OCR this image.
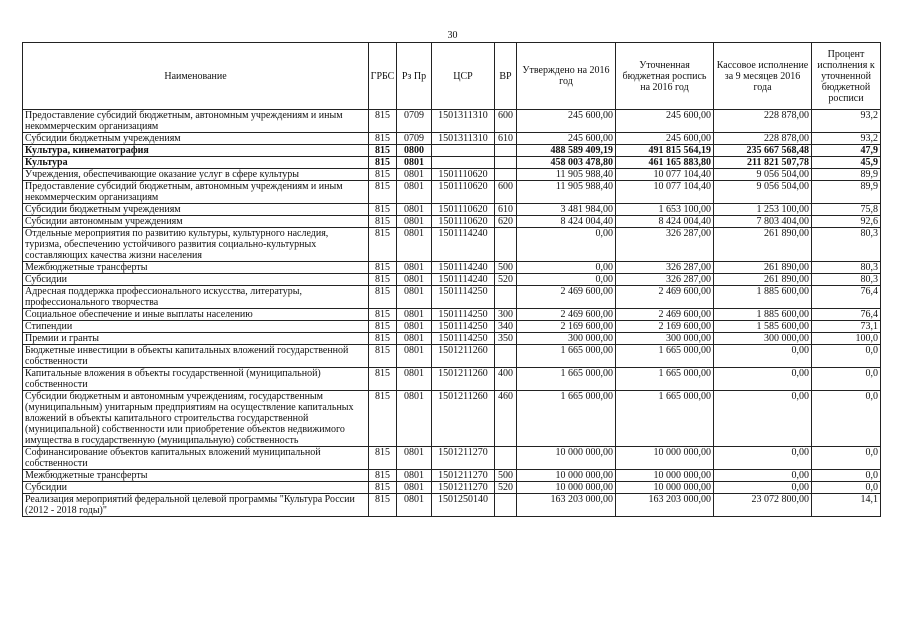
30
Наименование	ГРБС	Рз Пр	ЦСР	ВР	Утверждено на 2016 год	Уточненная бюджетная роспись на 2016 год	Кассовое исполнение за 9 месяцев 2016 года	Процент исполнения к уточненной бюджетной росписи
Предоставление субсидий бюджетным, автономным учреждениям и иным некоммерческим организациям	815	0709	1501311310	600	245 600,00	245 600,00	228 878,00	93,2
Субсидии бюджетным учреждениям	815	0709	1501311310	610	245 600,00	245 600,00	228 878,00	93,2
Культура, кинематография	815	0800			488 589 409,19	491 815 564,19	235 667 568,48	47,9
Культура	815	0801			458 003 478,80	461 165 883,80	211 821 507,78	45,9
Учреждения, обеспечивающие оказание услуг в сфере культуры	815	0801	1501110620		11 905 988,40	10 077 104,40	9 056 504,00	89,9
Предоставление субсидий бюджетным, автономным учреждениям и иным некоммерческим организациям	815	0801	1501110620	600	11 905 988,40	10 077 104,40	9 056 504,00	89,9
Субсидии бюджетным учреждениям	815	0801	1501110620	610	3 481 984,00	1 653 100,00	1 253 100,00	75,8
Субсидии автономным учреждениям	815	0801	1501110620	620	8 424 004,40	8 424 004,40	7 803 404,00	92,6
Отдельные мероприятия по развитию культуры, культурного наследия, туризма, обеспечению устойчивого развития социально-культурных составляющих качества жизни населения	815	0801	1501114240		0,00	326 287,00	261 890,00	80,3
Межбюджетные трансферты	815	0801	1501114240	500	0,00	326 287,00	261 890,00	80,3
Субсидии	815	0801	1501114240	520	0,00	326 287,00	261 890,00	80,3
Адресная поддержка профессионального искусства, литературы, профессионального творчества	815	0801	1501114250		2 469 600,00	2 469 600,00	1 885 600,00	76,4
Социальное обеспечение и иные выплаты населению	815	0801	1501114250	300	2 469 600,00	2 469 600,00	1 885 600,00	76,4
Стипендии	815	0801	1501114250	340	2 169 600,00	2 169 600,00	1 585 600,00	73,1
Премии и гранты	815	0801	1501114250	350	300 000,00	300 000,00	300 000,00	100,0
Бюджетные инвестиции в объекты капитальных вложений государственной собственности	815	0801	1501211260		1 665 000,00	1 665 000,00	0,00	0,0
Капитальные вложения в объекты государственной (муниципальной) собственности	815	0801	1501211260	400	1 665 000,00	1 665 000,00	0,00	0,0
Субсидии бюджетным и автономным учреждениям, государственным (муниципальным) унитарным предприятиям на осуществление капитальных вложений в объекты капитального строительства государственной (муниципальной) собственности или приобретение объектов недвижимого имущества в государственную (муниципальную) собственность	815	0801	1501211260	460	1 665 000,00	1 665 000,00	0,00	0,0
Софинансирование объектов капитальных вложений муниципальной собственности	815	0801	1501211270		10 000 000,00	10 000 000,00	0,00	0,0
Межбюджетные трансферты	815	0801	1501211270	500	10 000 000,00	10 000 000,00	0,00	0,0
Субсидии	815	0801	1501211270	520	10 000 000,00	10 000 000,00	0,00	0,0
Реализация мероприятий федеральной целевой программы "Культура России (2012 - 2018 годы)"	815	0801	1501250140		163 203 000,00	163 203 000,00	23 072 800,00	14,1
